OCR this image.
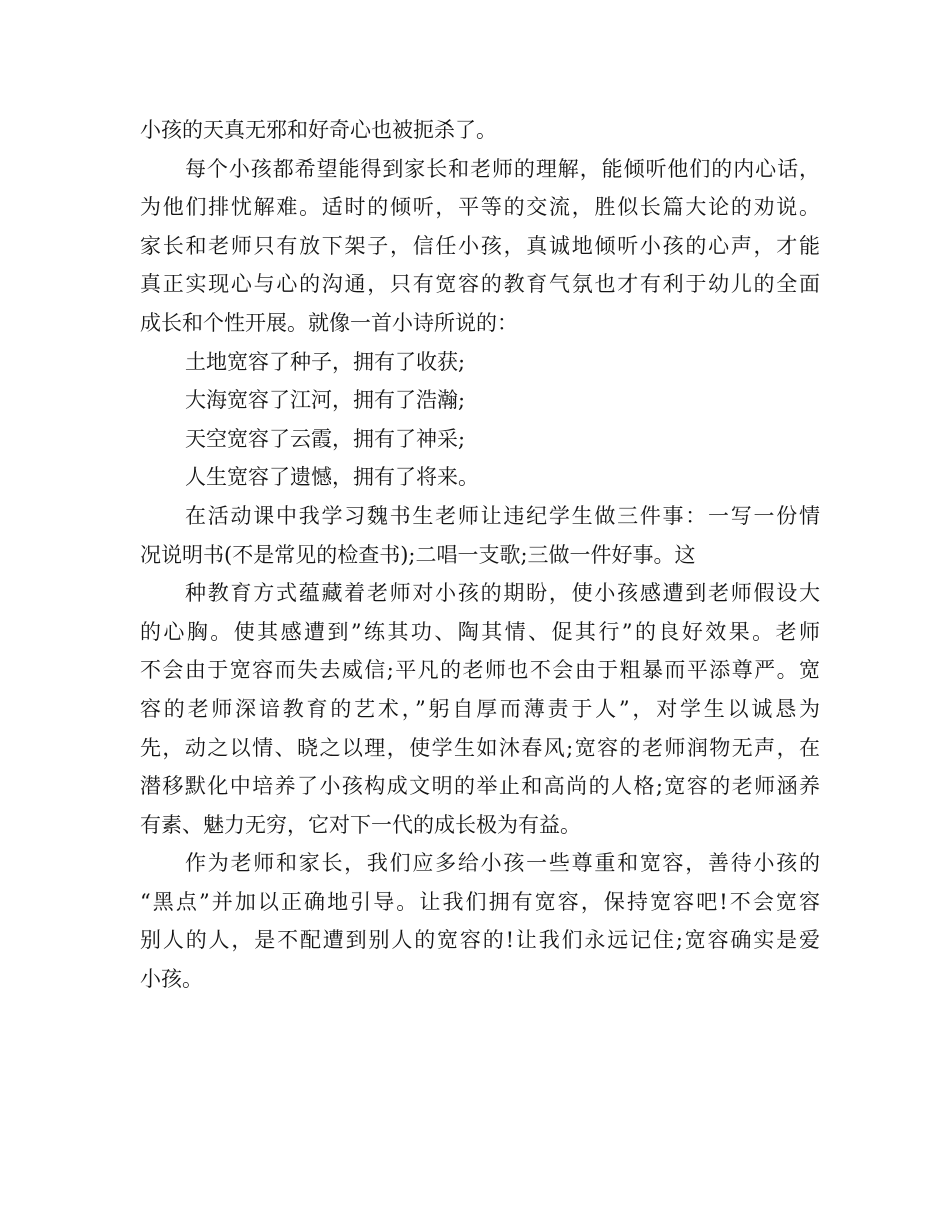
小孩的天真无邪和好奇心也被扼杀了。
每个小孩都希望能得到家长和老师的理解，能倾听他们的内心话，
为他们排忧解难。适时的倾听，平等的交流，胜似长篇大论的劝说。
家长和老师只有放下架子，信任小孩，真诚地倾听小孩的心声，才能
真正实现心与心的沟通，只有宽容的教育气氛也才有利于幼儿的全面
成长和个性开展。就像一首小诗所说的：
土地宽容了种子，拥有了收获;
大海宽容了江河，拥有了浩瀚;
天空宽容了云霞，拥有了神采;
人生宽容了遗憾，拥有了将来。
在活动课中我学习魏书生老师让违纪学生做三件事：一写一份情
况说明书(不是常见的检查书);二唱一支歌;三做一件好事。这
种教育方式蕴藏着老师对小孩的期盼，使小孩感遭到老师假设大
的心胸。使其感遭到”练其功、陶其情、促其行”的良好效果。老师
不会由于宽容而失去威信;平凡的老师也不会由于粗暴而平添尊严。宽
容的老师深谙教育的艺术，”躬自厚而薄责于人”，对学生以诚恳为
先，动之以情、晓之以理，使学生如沐春风;宽容的老师润物无声，在
潜移默化中培养了小孩构成文明的举止和高尚的人格;宽容的老师涵养
有素、魅力无穷，它对下一代的成长极为有益。
作为老师和家长，我们应多给小孩一些尊重和宽容，善待小孩的
“黑点”并加以正确地引导。让我们拥有宽容，保持宽容吧!不会宽容
别人的人，是不配遭到别人的宽容的!让我们永远记住;宽容确实是爱
小孩。
